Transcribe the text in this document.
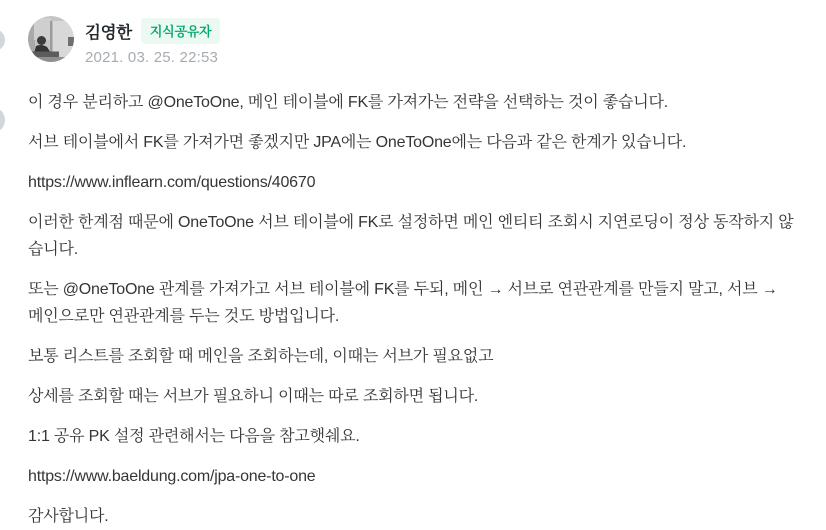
김영한	지식공유자
2021. 03. 25. 22:53

이 경우 분리하고 @OneToOne, 메인 테이블에 FK를 가져가는 전략을 선택하는 것이 좋습니다.

서브 테이블에서 FK를 가져가면 좋겠지만 JPA에는 OneToOne에는 다음과 같은 한계가 있습니다.

https://www.inflearn.com/questions/40670

이러한 한계점 때문에 OneToOne 서브 테이블에 FK로 설정하면 메인 엔티티 조회시 지연로딩이 정상 동작하지 않습니다.

또는 @OneToOne 관계를 가져가고 서브 테이블에 FK를 두되, 메인 → 서브로 연관관계를 만들지 말고, 서브 → 메인으로만 연관관계를 두는 것도 방법입니다.

보통 리스트를 조회할 때 메인을 조회하는데, 이때는 서브가 필요없고

상세를 조회할 때는 서브가 필요하니 이때는 따로 조회하면 됩니다.

1:1 공유 PK 설정 관련해서는 다음을 참고햇쉐요.

https://www.baeldung.com/jpa-one-to-one

감사합니다.
